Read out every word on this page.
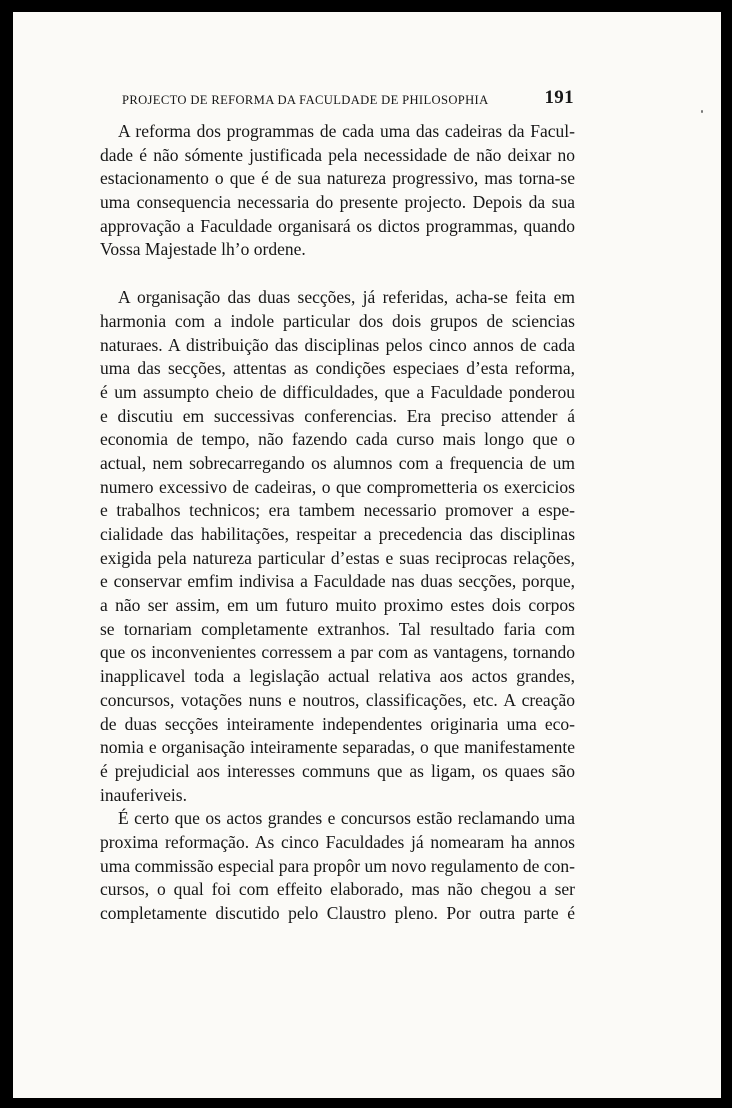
PROJECTO DE REFORMA DA FACULDADE DE PHILOSOPHIA	191
A reforma dos programmas de cada uma das cadeiras da Facul-
dade é não sómente justificada pela necessidade de não deixar no
estacionamento o que é de sua natureza progressivo, mas torna-se
uma consequencia necessaria do presente projecto. Depois da sua
approvação a Faculdade organisará os dictos programmas, quando
Vossa Majestade lh’o ordene.
A organisação das duas secções, já referidas, acha-se feita em
harmonia com a indole particular dos dois grupos de sciencias
naturaes. A distribuição das disciplinas pelos cinco annos de cada
uma das secções, attentas as condições especiaes d’esta reforma,
é um assumpto cheio de difficuldades, que a Faculdade ponderou
e discutiu em successivas conferencias. Era preciso attender á
economia de tempo, não fazendo cada curso mais longo que o
actual, nem sobrecarregando os alumnos com a frequencia de um
numero excessivo de cadeiras, o que comprometteria os exercicios
e trabalhos technicos; era tambem necessario promover a espe-
cialidade das habilitações, respeitar a precedencia das disciplinas
exigida pela natureza particular d’estas e suas reciprocas relações,
e conservar emfim indivisa a Faculdade nas duas secções, porque,
a não ser assim, em um futuro muito proximo estes dois corpos
se tornariam completamente extranhos. Tal resultado faria com
que os inconvenientes corressem a par com as vantagens, tornando
inapplicavel toda a legislação actual relativa aos actos grandes,
concursos, votações nuns e noutros, classificações, etc. A creação
de duas secções inteiramente independentes originaria uma eco-
nomia e organisação inteiramente separadas, o que manifestamente
é prejudicial aos interesses communs que as ligam, os quaes são
inauferiveis.
É certo que os actos grandes e concursos estão reclamando uma
proxima reformação. As cinco Faculdades já nomearam ha annos
uma commissão especial para propôr um novo regulamento de con-
cursos, o qual foi com effeito elaborado, mas não chegou a ser
completamente discutido pelo Claustro pleno. Por outra parte é
